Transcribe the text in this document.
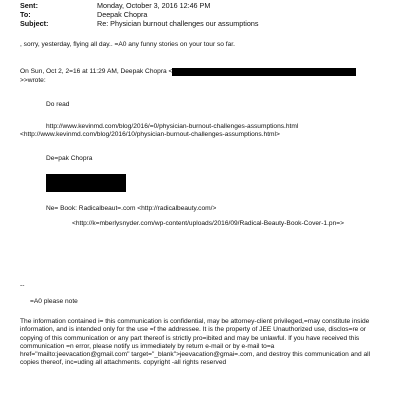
Sent:	Monday, October 3, 2016 12:46 PM
To:	Deepak Chopra
Subject:	Re: Physician burnout challenges our assumptions
, sorry, yesterday, flying all day.. =A0 any funny stories on your tour so far.
On Sun, Oct 2, 2=16 at 11:29 AM, Deepak Chopra <
>>wrote:
Do read
http://www.kevinmd.com/blog/2016/=0/physician-burnout-challenges-assumptions.html
<http://www.kevinmd.com/blog/2016/10/physician-burnout-challenges-assumptions.html>
De=pak Chopra
Ne= Book: Radicalbeaut=.com <http://radicalbeauty.com/>
<http://k=mberlysnyder.com/wp-content/uploads/2016/09/Radical-Beauty-Book-Cover-1.pn=>
--
=A0 please note
The information contained i= this communication is confidential, may be attorney-client privileged,=may constitute inside information, and is intended only for the use =f the addressee. It is the property of JEE Unauthorized use, disclos=re or copying of this communication or any part thereof is strictly pro=ibited and may be unlawful. If you have received this communication =n error, please notify us immediately by return e-mail or by e-mail to=a href="mailto:jeevacation@gmail.com" target="_blank">jeevacation@gmai=.com, and destroy this communication and all copies thereof, inc=uding all attachments. copyright -all rights reserved
